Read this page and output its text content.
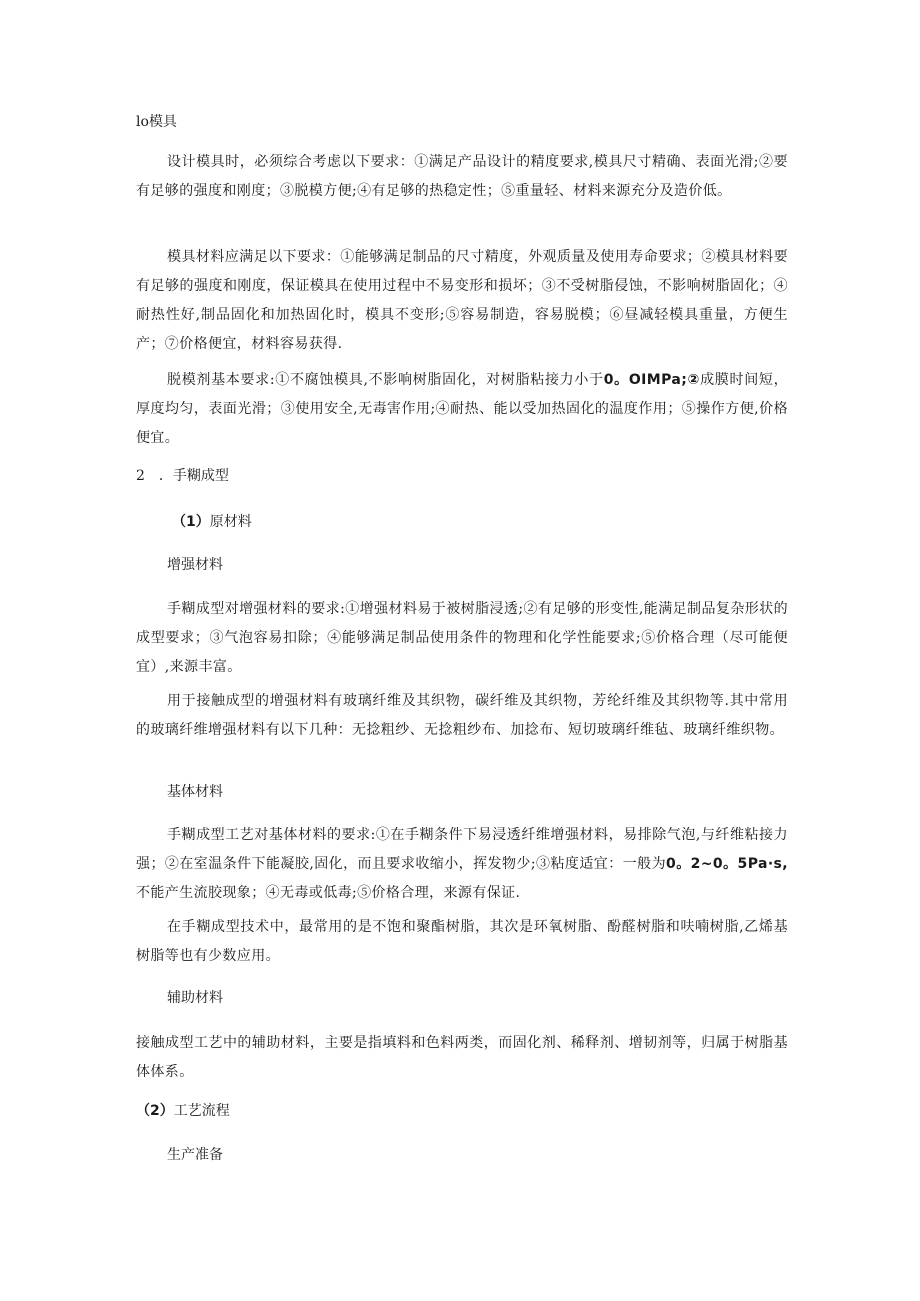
lo模具

设计模具时，必须综合考虑以下要求：①满足产品设计的精度要求,模具尺寸精确、表面光滑;②要有足够的强度和刚度；③脱模方便;④有足够的热稳定性；⑤重量轻、材料来源充分及造价低。

模具材料应满足以下要求：①能够满足制品的尺寸精度，外观质量及使用寿命要求；②模具材料要有足够的强度和刚度，保证模具在使用过程中不易变形和损坏；③不受树脂侵蚀，不影响树脂固化；④耐热性好,制品固化和加热固化时，模具不变形;⑤容易制造，容易脱模；⑥昼减轻模具重量，方便生产；⑦价格便宜，材料容易获得.

脱模剂基本要求:①不腐蚀模具,不影响树脂固化，对树脂粘接力小于0。OIMPa;②成膜时间短，厚度均匀，表面光滑；③使用安全,无毒害作用;④耐热、能以受加热固化的温度作用；⑤操作方便,价格便宜。

2 ．手糊成型

（1）原材料

增强材料

手糊成型对增强材料的要求:①增强材料易于被树脂浸透;②有足够的形变性,能满足制品复杂形状的成型要求；③气泡容易扣除；④能够满足制品使用条件的物理和化学性能要求;⑤价格合理（尽可能便宜）,来源丰富。

用于接触成型的增强材料有玻璃纤维及其织物，碳纤维及其织物，芳纶纤维及其织物等.其中常用的玻璃纤维增强材料有以下几种：无捻粗纱、无捻粗纱布、加捻布、短切玻璃纤维毡、玻璃纤维织物。

基体材料

手糊成型工艺对基体材料的要求:①在手糊条件下易浸透纤维增强材料，易排除气泡,与纤维粘接力强；②在室温条件下能凝胶,固化，而且要求收缩小，挥发物少;③粘度适宜：一般为0。2~0。5Pa·s,不能产生流胶现象；④无毒或低毒;⑤价格合理，来源有保证.

在手糊成型技术中，最常用的是不饱和聚酯树脂，其次是环氧树脂、酚醛树脂和呋喃树脂,乙烯基树脂等也有少数应用。

辅助材料

接触成型工艺中的辅助材料，主要是指填料和色料两类，而固化剂、稀释剂、增韧剂等，归属于树脂基体体系。

（2）工艺流程

生产准备
